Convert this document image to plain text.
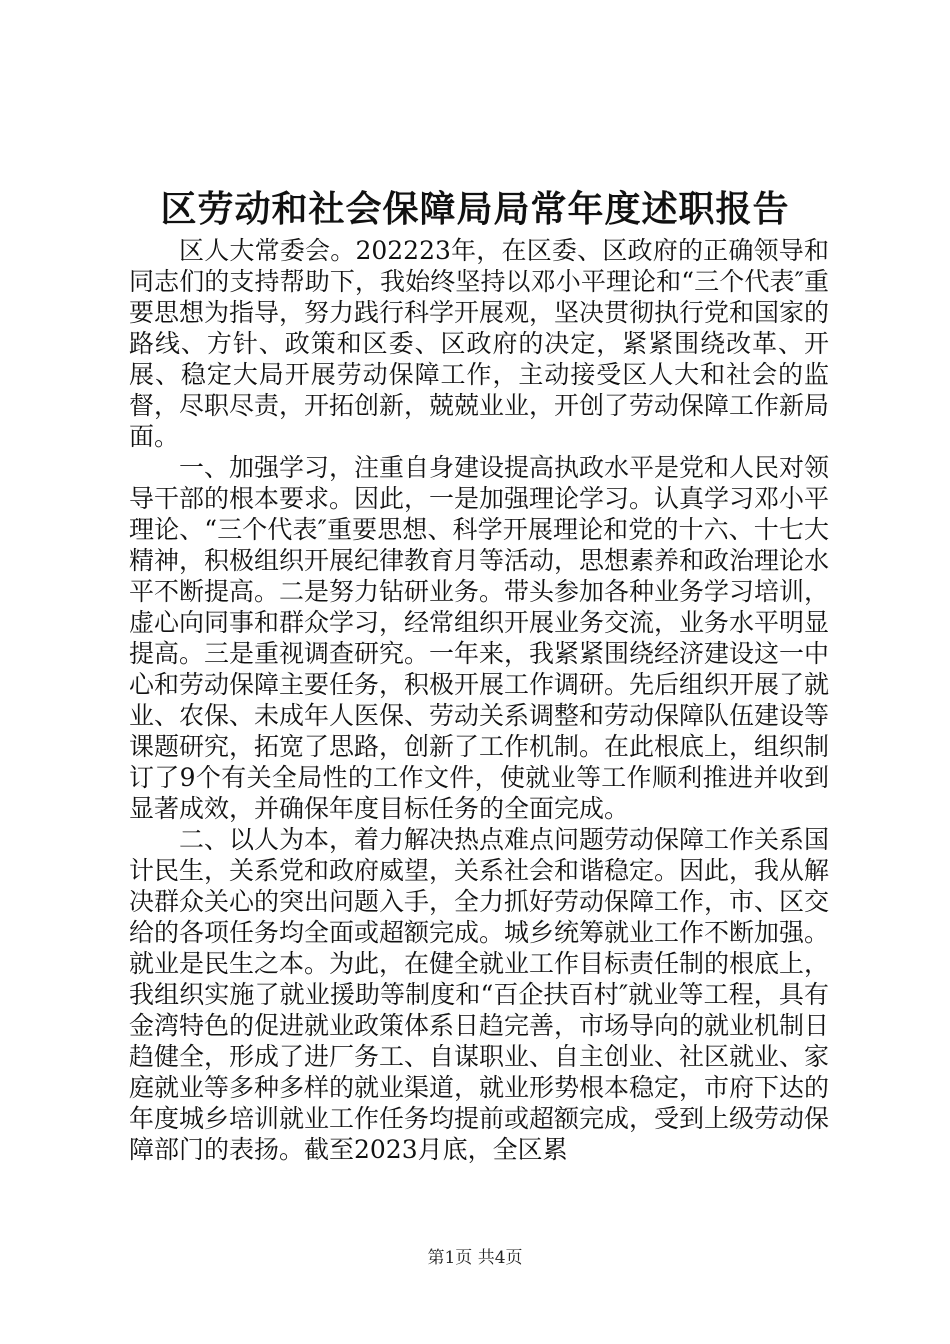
区劳动和社会保障局局常年度述职报告

区人大常委会。202223年，在区委、区政府的正确领导和同志们的支持帮助下，我始终坚持以邓小平理论和“三个代表″重要思想为指导，努力践行科学开展观，坚决贯彻执行党和国家的路线、方针、政策和区委、区政府的决定，紧紧围绕改革、开展、稳定大局开展劳动保障工作，主动接受区人大和社会的监督，尽职尽责，开拓创新，兢兢业业，开创了劳动保障工作新局面。

一、加强学习，注重自身建设提高执政水平是党和人民对领导干部的根本要求。因此，一是加强理论学习。认真学习邓小平理论、“三个代表″重要思想、科学开展理论和党的十六、十七大精神，积极组织开展纪律教育月等活动，思想素养和政治理论水平不断提高。二是努力钻研业务。带头参加各种业务学习培训，虚心向同事和群众学习，经常组织开展业务交流，业务水平明显提高。三是重视调查研究。一年来，我紧紧围绕经济建设这一中心和劳动保障主要任务，积极开展工作调研。先后组织开展了就业、农保、未成年人医保、劳动关系调整和劳动保障队伍建设等课题研究，拓宽了思路，创新了工作机制。在此根底上，组织制订了9个有关全局性的工作文件，使就业等工作顺利推进并收到显著成效，并确保年度目标任务的全面完成。

二、以人为本，着力解决热点难点问题劳动保障工作关系国计民生，关系党和政府威望，关系社会和谐稳定。因此，我从解决群众关心的突出问题入手，全力抓好劳动保障工作，市、区交给的各项任务均全面或超额完成。城乡统筹就业工作不断加强。就业是民生之本。为此，在健全就业工作目标责任制的根底上，我组织实施了就业援助等制度和“百企扶百村″就业等工程，具有金湾特色的促进就业政策体系日趋完善，市场导向的就业机制日趋健全，形成了进厂务工、自谋职业、自主创业、社区就业、家庭就业等多种多样的就业渠道，就业形势根本稳定，市府下达的年度城乡培训就业工作任务均提前或超额完成，受到上级劳动保障部门的表扬。截至2023月底，全区累

第1页 共4页
